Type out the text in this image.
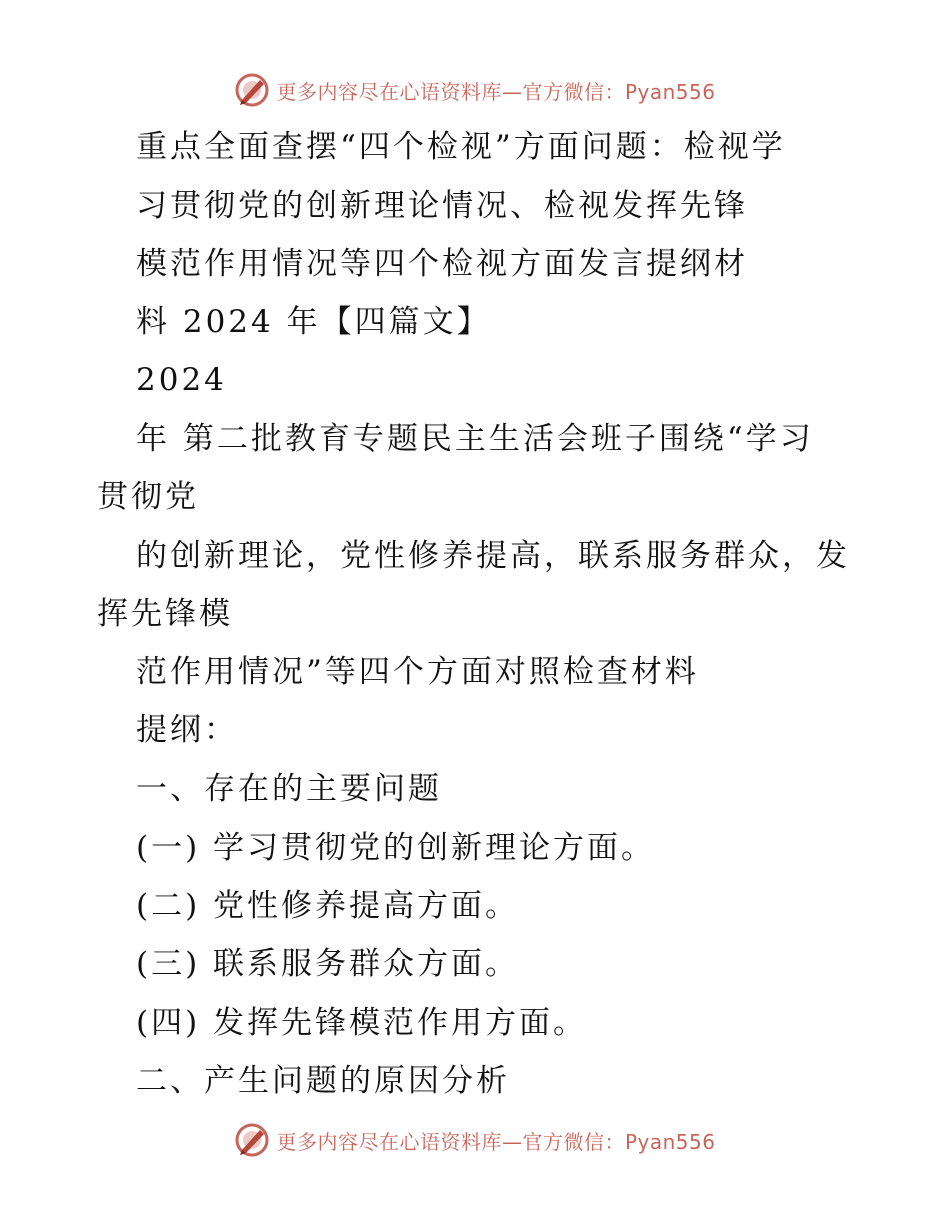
更多内容尽在心语资料库—官方微信：Pyan556
重点全面查摆“四个检视”方面问题：检视学
习贯彻党的创新理论情况、检视发挥先锋
模范作用情况等四个检视方面发言提纲材
料 2024 年【四篇文】
2024
年 第二批教育专题民主生活会班子围绕“学习
贯彻党
的创新理论，党性修养提高，联系服务群众，发
挥先锋模
范作用情况”等四个方面对照检查材料
提纲：
一、存在的主要问题
(一) 学习贯彻党的创新理论方面。
(二) 党性修养提高方面。
(三) 联系服务群众方面。
(四) 发挥先锋模范作用方面。
二、产生问题的原因分析
更多内容尽在心语资料库—官方微信：Pyan556
